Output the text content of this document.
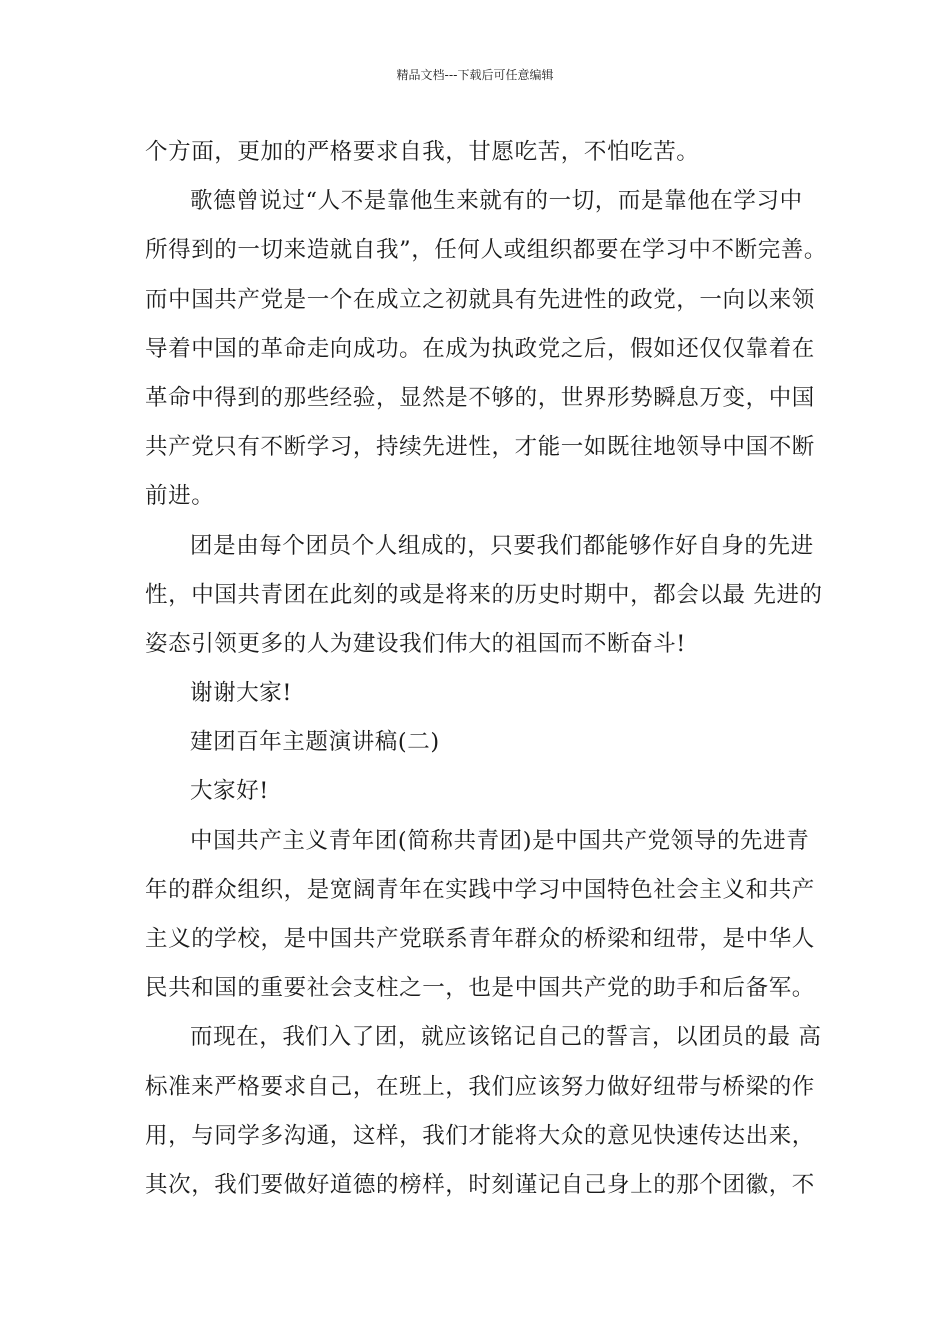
精品文档---下载后可任意编辑
个方面，更加的严格要求自我，甘愿吃苦，不怕吃苦。
歌德曾说过“人不是靠他生来就有的一切，而是靠他在学习中
所得到的一切来造就自我”，任何人或组织都要在学习中不断完善。
而中国共产党是一个在成立之初就具有先进性的政党，一向以来领
导着中国的革命走向成功。在成为执政党之后，假如还仅仅靠着在
革命中得到的那些经验，显然是不够的，世界形势瞬息万变，中国
共产党只有不断学习，持续先进性，才能一如既往地领导中国不断
前进。
团是由每个团员个人组成的，只要我们都能够作好自身的先进
性，中国共青团在此刻的或是将来的历史时期中，都会以最 先进的
姿态引领更多的人为建设我们伟大的祖国而不断奋斗!
谢谢大家!
建团百年主题演讲稿(二)
大家好!
中国共产主义青年团(简称共青团)是中国共产党领导的先进青
年的群众组织，是宽阔青年在实践中学习中国特色社会主义和共产
主义的学校，是中国共产党联系青年群众的桥梁和纽带，是中华人
民共和国的重要社会支柱之一，也是中国共产党的助手和后备军。
而现在，我们入了团，就应该铭记自己的誓言，以团员的最 高
标准来严格要求自己，在班上，我们应该努力做好纽带与桥梁的作
用，与同学多沟通，这样，我们才能将大众的意见快速传达出来，
其次，我们要做好道德的榜样，时刻谨记自己身上的那个团徽，不
